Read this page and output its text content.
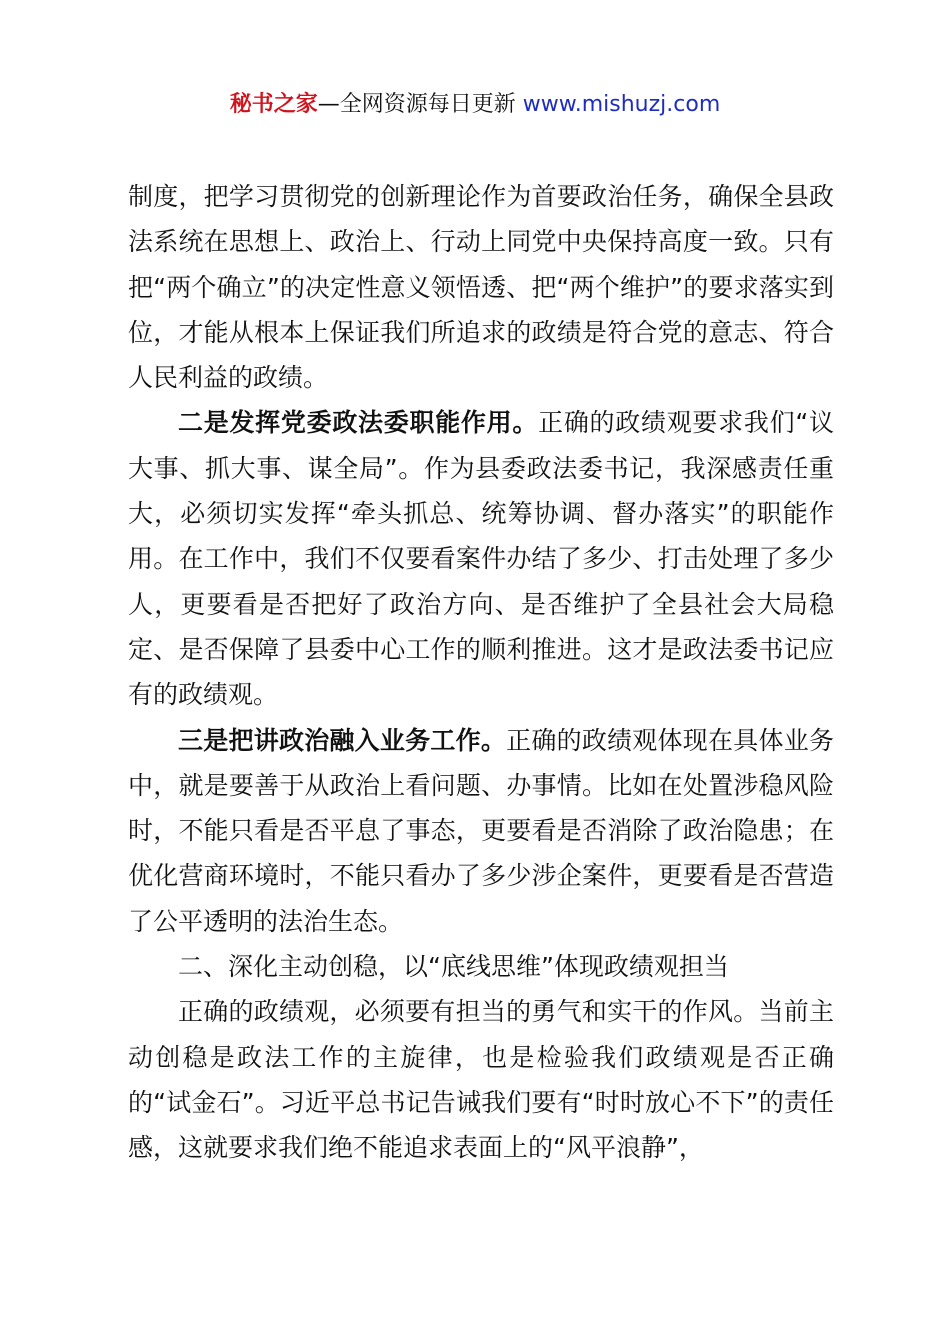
秘书之家—全网资源每日更新 www.mishuzj.com

制度，把学习贯彻党的创新理论作为首要政治任务，确保全县政法系统在思想上、政治上、行动上同党中央保持高度一致。只有把“两个确立”的决定性意义领悟透、把“两个维护”的要求落实到位，才能从根本上保证我们所追求的政绩是符合党的意志、符合人民利益的政绩。

二是发挥党委政法委职能作用。正确的政绩观要求我们“议大事、抓大事、谋全局”。作为县委政法委书记，我深感责任重大，必须切实发挥“牵头抓总、统筹协调、督办落实”的职能作用。在工作中，我们不仅要看案件办结了多少、打击处理了多少人，更要看是否把好了政治方向、是否维护了全县社会大局稳定、是否保障了县委中心工作的顺利推进。这才是政法委书记应有的政绩观。

三是把讲政治融入业务工作。正确的政绩观体现在具体业务中，就是要善于从政治上看问题、办事情。比如在处置涉稳风险时，不能只看是否平息了事态，更要看是否消除了政治隐患；在优化营商环境时，不能只看办了多少涉企案件，更要看是否营造了公平透明的法治生态。

二、深化主动创稳，以“底线思维”体现政绩观担当

正确的政绩观，必须要有担当的勇气和实干的作风。当前主动创稳是政法工作的主旋律，也是检验我们政绩观是否正确的“试金石”。习近平总书记告诫我们要有“时时放心不下”的责任感，这就要求我们绝不能追求表面上的“风平浪静”，
